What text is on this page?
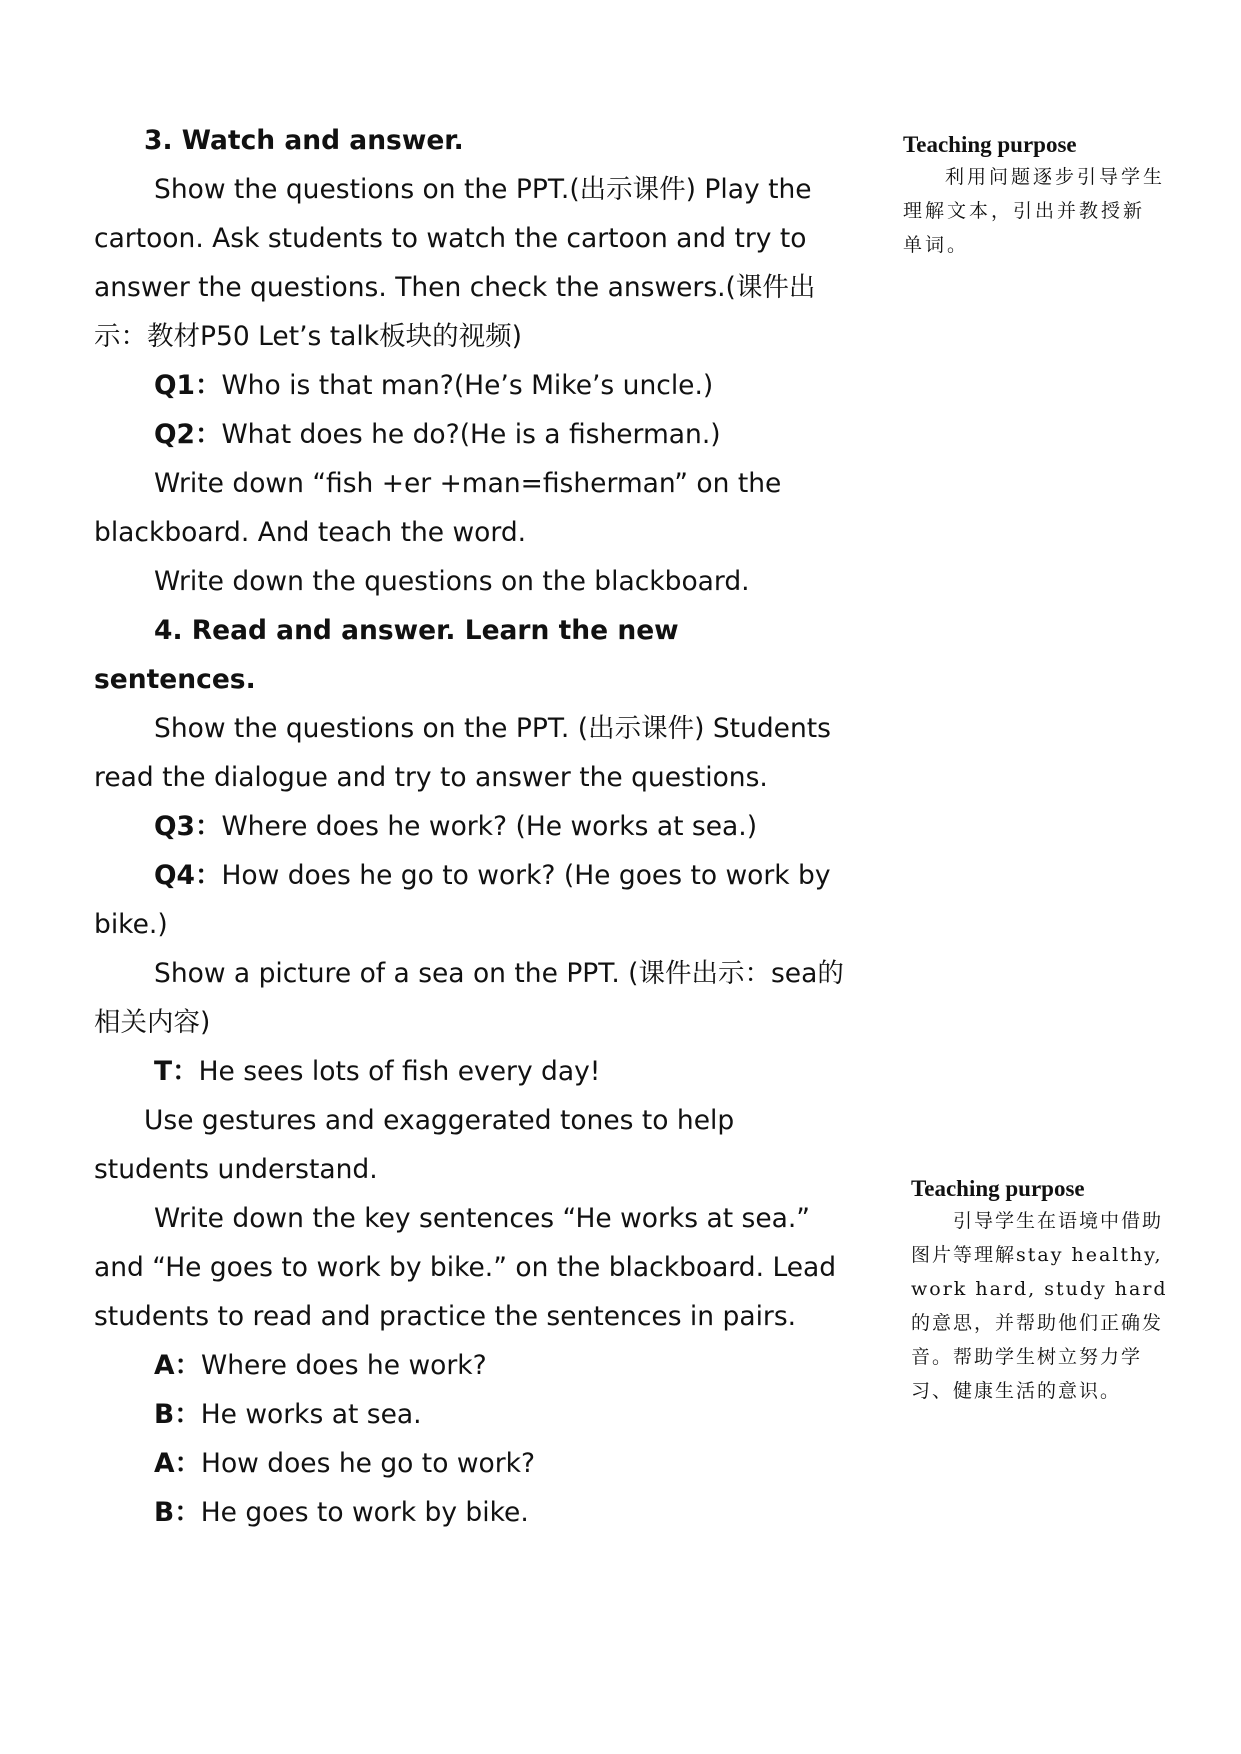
3. Watch and answer.

Show the questions on the PPT.(出示课件) Play the cartoon. Ask students to watch the cartoon and try to answer the questions. Then check the answers.(课件出示：教材P50 Let’s talk板块的视频)

Q1：Who is that man?(He’s Mike’s uncle.)

Q2：What does he do?(He is a fisherman.)

Write down “fish +er +man=fisherman” on the blackboard. And teach the word.

Write down the questions on the blackboard.

4. Read and answer. Learn the new sentences.

Show the questions on the PPT. (出示课件) Students read the dialogue and try to answer the questions.

Q3：Where does he work? (He works at sea.)

Q4：How does he go to work? (He goes to work by bike.)

Show a picture of a sea on the PPT. (课件出示：sea的相关内容)

T：He sees lots of fish every day!

Use gestures and exaggerated tones to help students understand.

Write down the key sentences “He works at sea.” and “He goes to work by bike.” on the blackboard. Lead students to read and practice the sentences in pairs.

A：Where does he work?

B：He works at sea.

A：How does he go to work?

B：He goes to work by bike.

Teaching purpose

利用问题逐步引导学生理解文本，引出并教授新单词。

Teaching purpose

引导学生在语境中借助图片等理解stay healthy, work hard, study hard的意思，并帮助他们正确发音。帮助学生树立努力学习、健康生活的意识。
